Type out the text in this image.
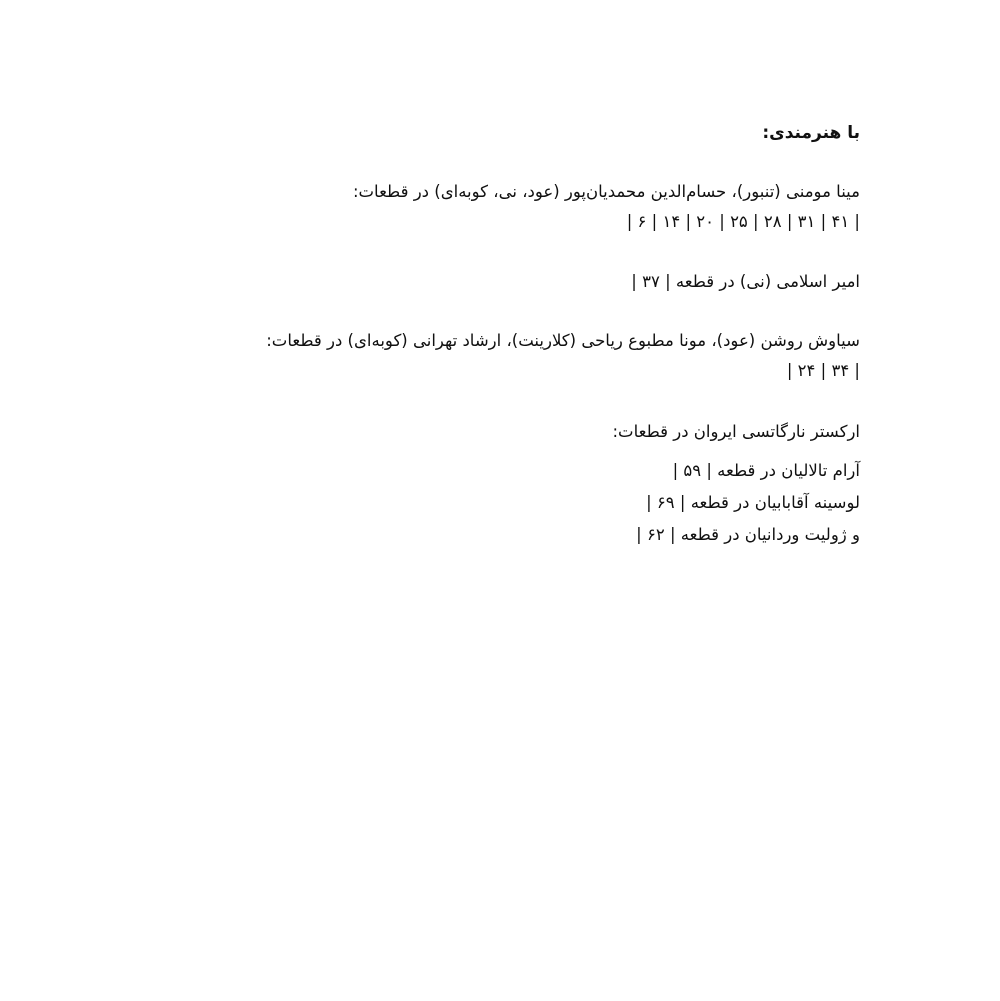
با هنرمندی:

مینا مومنی (تنبور)، حسام‌الدین محمدیان‌پور (عود، نی، کوبه‌ای) در قطعات:

| ۴۱ | ۳۱ | ۲۸ | ۲۵ | ۲۰ | ۱۴ | ۶ |

امیر اسلامی (نی) در قطعه | ۳۷ |

سیاوش روشن (عود)، مونا مطبوع ریاحی (کلارینت)، ارشاد تهرانی (کوبه‌ای) در قطعات:

| ۳۴ | ۲۴ |

ارکستر نارگاتسی ایروان در قطعات:

آرام تالالیان در قطعه | ۵۹ |

لوسینه آقابابیان در قطعه | ۶۹ |

و ژولیت وردانیان در قطعه | ۶۲ |
